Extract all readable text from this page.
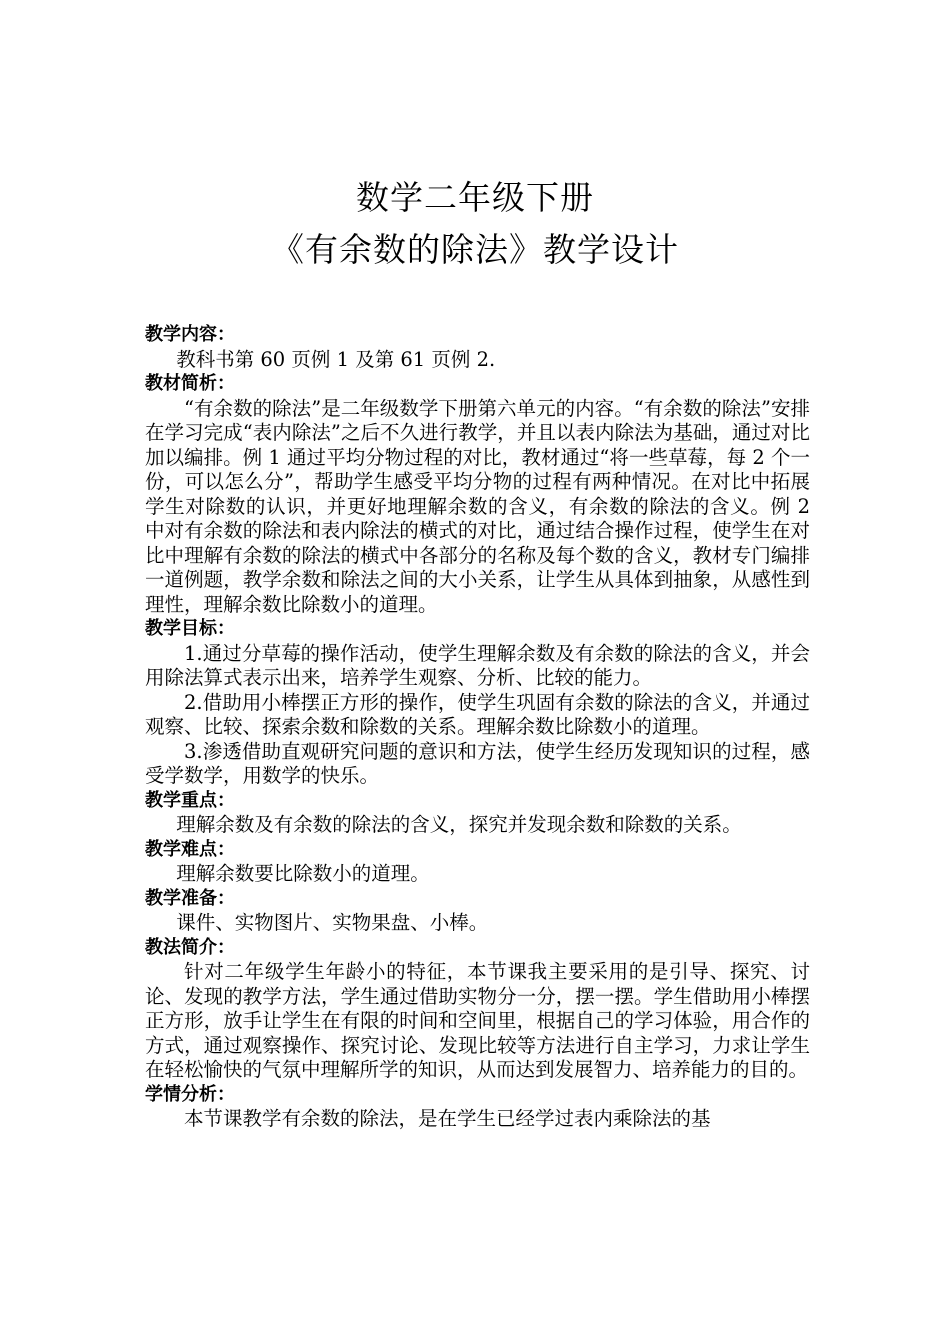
数学二年级下册
《有余数的除法》教学设计

教学内容：

教科书第 60 页例 1 及第 61 页例 2.

教材简析：

“有余数的除法”是二年级数学下册第六单元的内容。“有余数的除法”安排在学习完成“表内除法”之后不久进行教学，并且以表内除法为基础，通过对比加以编排。例 1 通过平均分物过程的对比，教材通过“将一些草莓，每 2 个一份，可以怎么分”，帮助学生感受平均分物的过程有两种情况。在对比中拓展学生对除数的认识，并更好地理解余数的含义，有余数的除法的含义。例 2 中对有余数的除法和表内除法的横式的对比，通过结合操作过程，使学生在对比中理解有余数的除法的横式中各部分的名称及每个数的含义，教材专门编排一道例题，教学余数和除法之间的大小关系，让学生从具体到抽象，从感性到理性，理解余数比除数小的道理。

教学目标：

1.通过分草莓的操作活动，使学生理解余数及有余数的除法的含义，并会用除法算式表示出来，培养学生观察、分析、比较的能力。

2.借助用小棒摆正方形的操作，使学生巩固有余数的除法的含义，并通过观察、比较、探索余数和除数的关系。理解余数比除数小的道理。

3.渗透借助直观研究问题的意识和方法，使学生经历发现知识的过程，感受学数学，用数学的快乐。

教学重点：

理解余数及有余数的除法的含义，探究并发现余数和除数的关系。

教学难点：

理解余数要比除数小的道理。

教学准备：

课件、实物图片、实物果盘、小棒。

教法简介：

针对二年级学生年龄小的特征，本节课我主要采用的是引导、探究、讨论、发现的教学方法，学生通过借助实物分一分，摆一摆。学生借助用小棒摆正方形，放手让学生在有限的时间和空间里，根据自己的学习体验，用合作的方式，通过观察操作、探究讨论、发现比较等方法进行自主学习，力求让学生在轻松愉快的气氛中理解所学的知识，从而达到发展智力、培养能力的目的。

学情分析：

本节课教学有余数的除法，是在学生已经学过表内乘除法的基
